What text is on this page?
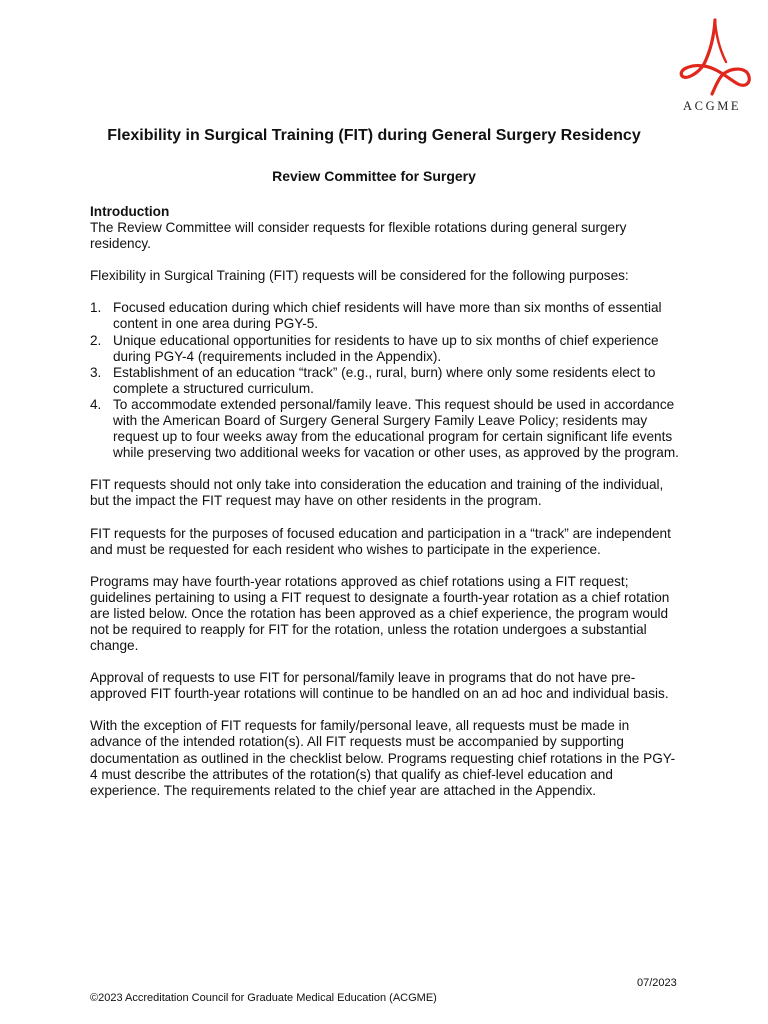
ACGME
Flexibility in Surgical Training (FIT) during General Surgery Residency
Review Committee for Surgery
Introduction

The Review Committee will consider requests for flexible rotations during general surgery residency.

Flexibility in Surgical Training (FIT) requests will be considered for the following purposes:

1. Focused education during which chief residents will have more than six months of essential content in one area during PGY-5.
2. Unique educational opportunities for residents to have up to six months of chief experience during PGY-4 (requirements included in the Appendix).
3. Establishment of an education “track” (e.g., rural, burn) where only some residents elect to complete a structured curriculum.
4. To accommodate extended personal/family leave. This request should be used in accordance with the American Board of Surgery General Surgery Family Leave Policy; residents may request up to four weeks away from the educational program for certain significant life events while preserving two additional weeks for vacation or other uses, as approved by the program.

FIT requests should not only take into consideration the education and training of the individual, but the impact the FIT request may have on other residents in the program.

FIT requests for the purposes of focused education and participation in a “track” are independent and must be requested for each resident who wishes to participate in the experience.

Programs may have fourth-year rotations approved as chief rotations using a FIT request; guidelines pertaining to using a FIT request to designate a fourth-year rotation as a chief rotation are listed below. Once the rotation has been approved as a chief experience, the program would not be required to reapply for FIT for the rotation, unless the rotation undergoes a substantial change.

Approval of requests to use FIT for personal/family leave in programs that do not have pre-approved FIT fourth-year rotations will continue to be handled on an ad hoc and individual basis.

With the exception of FIT requests for family/personal leave, all requests must be made in advance of the intended rotation(s). All FIT requests must be accompanied by supporting documentation as outlined in the checklist below. Programs requesting chief rotations in the PGY-4 must describe the attributes of the rotation(s) that qualify as chief-level education and experience. The requirements related to the chief year are attached in the Appendix.

07/2023
©2023 Accreditation Council for Graduate Medical Education (ACGME)
